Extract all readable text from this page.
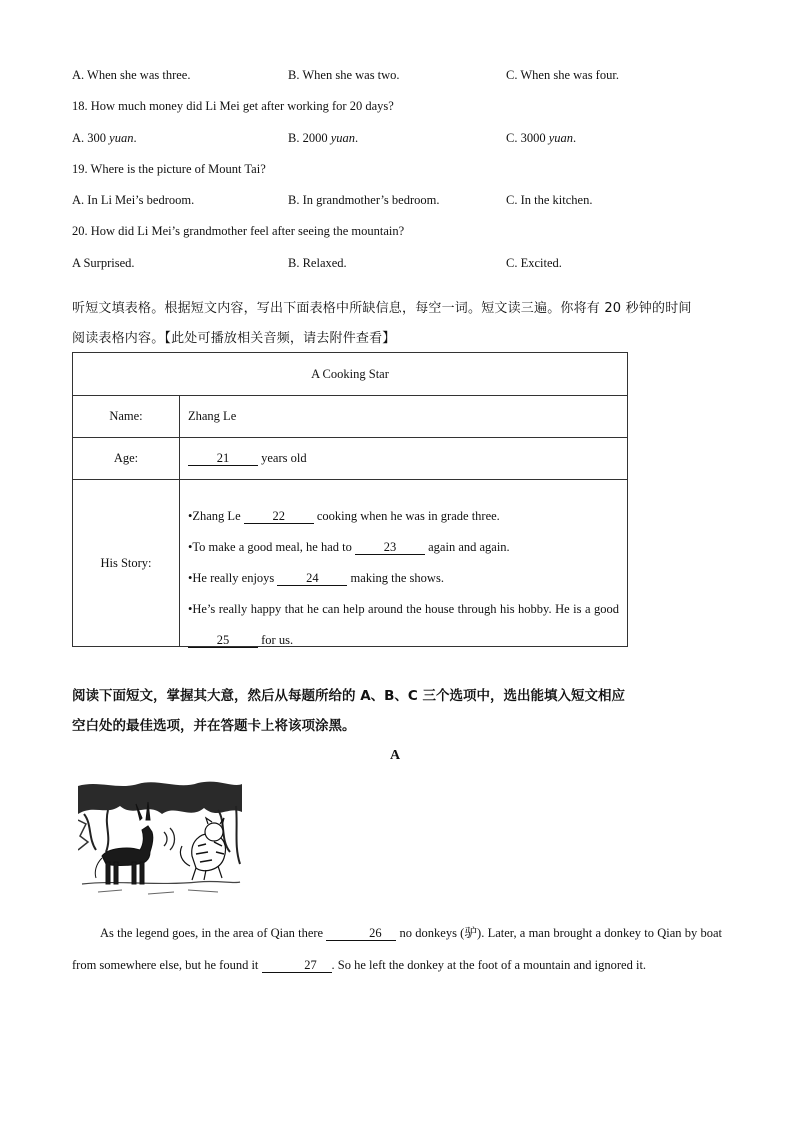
A. When she was three.	B. When she was two.	C. When she was four.
18. How much money did Li Mei get after working for 20 days?
A. 300 yuan.	B. 2000 yuan.	C. 3000 yuan.
19. Where is the picture of Mount Tai?
A. In Li Mei’s bedroom.	B. In grandmother’s bedroom.	C. In the kitchen.
20. How did Li Mei’s grandmother feel after seeing the mountain?
A Surprised.	B. Relaxed.	C. Excited.
听短文填表格。根据短文内容，写出下面表格中所缺信息，每空一词。短文读三遍。你将有 20 秒钟的时间
阅读表格内容。【此处可播放相关音频，请去附件查看】
A Cooking Star	
Name:	Zhang Le
Age:	21 years old
His Story:	•Zhang Le 22 cooking when he was in grade three.
•To make a good meal, he had to 23 again and again.
•He really enjoys 24 making the shows.
•He’s really happy that he can help around the house through his hobby. He is a good 25 for us.
阅读下面短文，掌握其大意，然后从每题所给的 A、B、C 三个选项中，选出能填入短文相应
空白处的最佳选项，并在答题卡上将该项涂黑。
A
As the legend goes, in the area of Qian there	26 no donkeys (驴). Later, a man brought a donkey to Qian by boat from somewhere else, but he found it	27 . So he left the donkey at the foot of a mountain and ignored it.
